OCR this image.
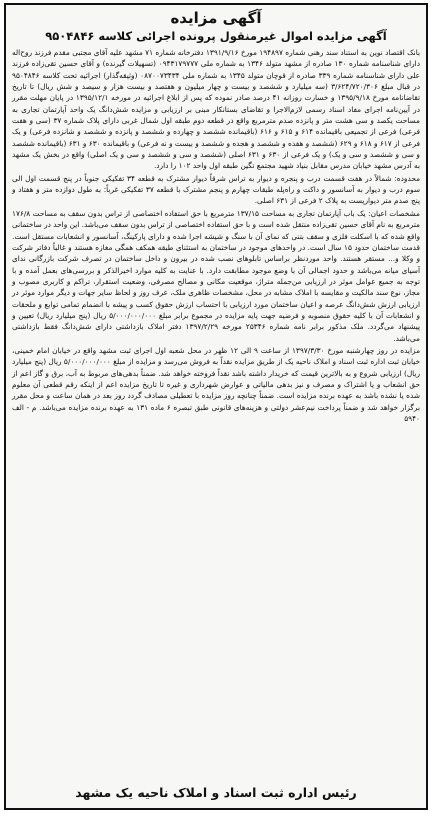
آگهی مزایده
آگهی مزایده اموال غیرمنقول پرونده اجرائی کلاسه ۹۵۰۴۸۴۶

بانک اقتصاد نوین به استناد سند رهنی شماره ۱۹۴۸۹۷ مورخ ۱۳۹۱/۹/۱۶ دفترخانه شماره ۷۱ مشهد علیه آقای مجتبی مقدم فرزند روح‌اله دارای شناسنامه شماره ۱۳۰ صادره از مشهد متولد ۱۳۴۶ به شماره ملی ۰۹۴۳۱۷۹۷۷۷ (تسهیلات گیرنده) و آقای حسین تقی‌زاده فرزند علی دارای شناسنامه شماره ۳۳۹ صادره از قوچان متولد ۱۳۴۵ به شماره ملی ۰۸۷۰۰۷۳۴۳۴ (وثیقه‌گذار) اجرائیه تحت کلاسه ۹۵۰۴۸۴۶ در قبال مبلغ ۳/۶۲۴/۷۲۰/۳۰۶ (سه میلیارد و ششصد و بیست و چهار میلیون و هفتصد و بیست هزار و سیصد و شش ریال) تا تاریخ تقاضانامه مورخ ۱۳۹۵/۹/۱۸ و خسارت روزانه ۴۱ درصد صادر نموده که پس از ابلاغ اجرائیه در مورخه ۱۳۹۵/۱۲/۱ در پایان مهلت مقرر در آیین‌نامه اجرای مفاد اسناد رسمی لازم‌الاجرا و تقاضای بستانکار مبنی بر ارزیابی و مزایده شش‌دانگ یک واحد آپارتمان تجاری به مساحت یکصد و سی هشت متر و پانزده صدم مترمربع واقع در قطعه دوم طبقه اول شمال غربی دارای پلاک شماره ۳۷ (سی و هفت فرعی) فرعی از تجمیعی باقیمانده ۶۱۴ و ۶۱۵ و ۶۱۶ (باقیمانده ششصد و چهارده و ششصد و پانزده و ششصد و شانزده فرعی) و یک فرعی از ۶۱۷ و ۶۱۸ و ۶۲۹ (ششصد و هفده و ششصد و هجده و ششصد و بیست و نه فرعی) و باقیمانده ۶۳۰ و ۶۳۱ (باقیمانده ششصد و سی و ششصد و سی و یک) و یک فرعی از ۶۳۰ و ۶۳۱ اصلی (ششصد و سی و ششصد و سی و یک اصلی) واقع در بخش یک مشهد به آدرس مشهد خیابان مدرس مقابل بنیاد شهید مجتمع تگین طبقه اول واحد ۱۰۲ را دارد.

محدوده: شمالاً در هفت قسمت درب و پنجره و دیوار به تراس شرقاً دیوار مشترک به قطعه ۳۴ تفکیکی جنوباً در پنج قسمت اول الی سوم درب و دیوار به آسانسور و داکت و راه‌پله طبقات چهارم و پنجم مشترک با قطعه ۳۷ تفکیکی غرباً: به طول دوازده متر و هفتاد و پنج صدم متر دیوارپست به پلاک ۲ فرعی از ۶۳۱ اصلی.

مشخصات اعیان: یک باب آپارتمان تجاری به مساحت ۱۳۷/۱۵ مترمربع با حق استفاده اختصاصی از تراس بدون سقف به مساحت ۱۷۶/۸ مترمربع به نام آقای حسین تقی‌زاده منتقل شده است و با حق استفاده اختصاصی از تراس بدون سقف می‌باشد. این واحد در ساختمانی واقع شده که با اسکلت فلزی و سقف بتنی که نمای آن با سنگ و شیشه اجرا شده و دارای پارکینگ، آسانسور و انشعابات مستقل است. قدمت ساختمان حدود ۱۵ سال است. در واحدهای موجود در ساختمان به استثنای طبقه همکف همگی مغازه هستند و غالباً دفاتر شرکت و وکلا و... مستقر هستند. واحد موردنظر براساس تابلوهای نصب شده در بیرون و داخل ساختمان در تصرف شرکت بازرگانی ندای آسیای میانه می‌باشد و حدود اجمالی آن با وضع موجود مطابقت دارد. با عنایت به کلیه موارد اخیرالذکر و بررسی‌های بعمل آمده و با توجه به جمیع عوامل موثر در ارزیابی من‌جمله متراژ، موقعیت مکانی و مصالح مصرفی، وضعیت استقرار، تراکم و کاربری مصوب و مجاز، نوع سند مالکیت و مقایسه با املاک مشابه در محل، مشخصات ظاهری ملک، عرف روز و لحاظ سایر جهات و دیگر موارد موثر در ارزیابی ارزش شش‌دانگ عرصه و اعیان ساختمان مورد ارزیابی با احتساب ارزش حقوق کسب و پیشه با انضمام تمامی توابع و ملحقات و انشعابات آن با کلیه حقوق منصوبه و فرضیه جهت پایه مزایده در مجموع برابر مبلغ ۵/۰۰۰/۰۰۰/۰۰۰ ریال (پنج میلیارد ریال) تعیین و پیشنهاد می‌گردد. ملک مذکور برابر نامه شماره ۲۵۳۴۶ مورخه ۱۳۹۷/۲/۲۹ دفتر املاک بازداشتی دارای شش‌دانگ فقط بازداشتی می‌باشد.

مزایده در روز چهارشنبه مورخ ۱۳۹۷/۳/۳۰ از ساعت ۹ الی ۱۲ ظهر در محل شعبه اول اجرای ثبت مشهد واقع در خیابان امام خمینی، خیابان ثبت اداره ثبت اسناد و املاک ناحیه یک از طریق مزایده نقداً به فروش می‌رسد و مزایده از مبلغ ۵/۰۰۰/۰۰۰/۰۰۰ ریال (پنج میلیارد ریال) ارزیابی شروع و به بالاترین قیمت که خریدار داشته باشد نقداً فروخته خواهد شد. ضمناً بدهی‌های مربوط به آب، برق و گاز اعم از حق انشعاب و یا اشتراک و مصرف و نیز بدهی مالیاتی و عوارض شهرداری و غیره تا تاریخ مزایده اعم از اینکه رقم قطعی آن معلوم شده یا نشده باشد به عهده برنده مزایده است. ضمناً چنانچه روز مزایده با تعطیلی مصادف گردد روز بعد در همان ساعت و محل مقرر برگزار خواهد شد و ضمناً پرداخت نیم‌عشر دولتی و هزینه‌های قانونی طبق تبصره ۶ ماده ۱۳۱ به عهده برنده مزایده می‌باشد. م - الف ۵۹۴۰

رئیس اداره ثبت اسناد و املاک ناحیه یک مشهد
